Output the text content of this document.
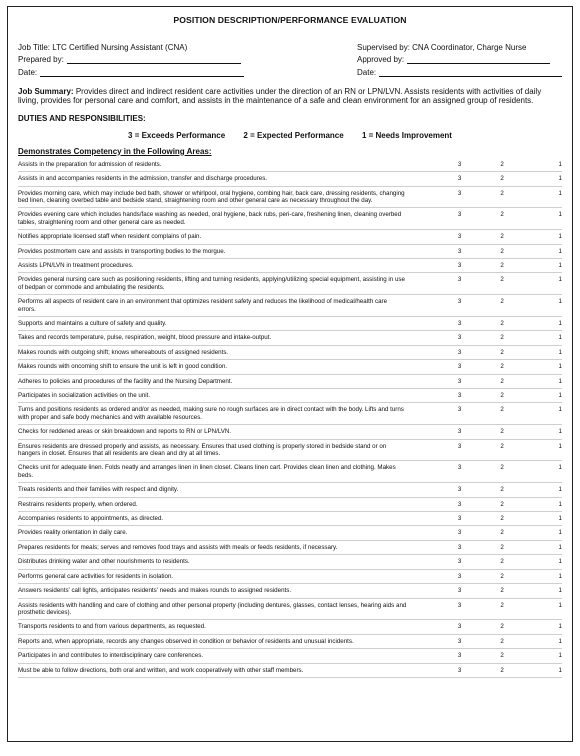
POSITION DESCRIPTION/PERFORMANCE EVALUATION
Job Title:
LTC Certified Nursing Assistant (CNA)
Prepared by:
Date:
Supervised by:
CNA Coordinator, Charge Nurse
Approved by:
Date:
Job Summary: Provides direct and indirect resident care activities under the direction of an RN or LPN/LVN. Assists residents with activities of daily living, provides for personal care and comfort, and assists in the maintenance of a safe and clean environment for an assigned group of residents.
DUTIES AND RESPONSIBILITIES:
3 = Exceeds Performance 2 = Expected Performance 1 = Needs Improvement
Demonstrates Competency in the Following Areas:
Assists in the preparation for admission of residents.	3	2	1
Assists in and accompanies residents in the admission, transfer and discharge procedures.	3	2	1
Provides morning care, which may include bed bath, shower or whirlpool, oral hygiene, combing hair, back care, dressing residents, changing bed linen, cleaning overbed table and bedside stand, straightening room and other general care as necessary throughout the day.
3	2	1
Provides evening care which includes hands/face washing as needed, oral hygiene, back rubs, peri-care, freshening linen, cleaning overbed tables, straightening room and other general care as needed.
3	2	1
Notifies appropriate licensed staff when resident complains of pain.	3	2	1
Provides postmortem care and assists in transporting bodies to the morgue.	3	2	1
Assists LPN/LVN in treatment procedures.	3	2	1
Provides general nursing care such as positioning residents, lifting and turning residents, applying/utilizing special equipment, assisting in use of bedpan or commode and ambulating the residents.
3	2	1
Performs all aspects of resident care in an environment that optimizes resident safety and reduces the likelihood of medical/health care errors.
3	2	1
Supports and maintains a culture of safety and quality.	3	2	1
Takes and records temperature, pulse, respiration, weight, blood pressure and intake-output.	3	2	1
Makes rounds with outgoing shift; knows whereabouts of assigned residents.	3	2	1
Makes rounds with oncoming shift to ensure the unit is left in good condition.	3	2	1
Adheres to policies and procedures of the facility and the Nursing Department.	3	2	1
Participates in socialization activities on the unit.	3	2	1
Turns and positions residents as ordered and/or as needed, making sure no rough surfaces are in direct contact with the body. Lifts and turns with proper and safe body mechanics and with available resources.
3	2	1
Checks for reddened areas or skin breakdown and reports to RN or LPN/LVN.	3	2	1
Ensures residents are dressed properly and assists, as necessary. Ensures that used clothing is properly stored in bedside stand or on hangers in closet. Ensures that all residents are clean and dry at all times.
3	2	1
Checks unit for adequate linen. Folds neatly and arranges linen in linen closet. Cleans linen cart. Provides clean linen and clothing. Makes beds.
3	2	1
Treats residents and their families with respect and dignity.	3	2	1
Restrains residents properly, when ordered.	3	2	1
Accompanies residents to appointments, as directed.	3	2	1
Provides reality orientation in daily care.	3	2	1
Prepares residents for meals; serves and removes food trays and assists with meals or feeds residents, if necessary.	3	2	1
Distributes drinking water and other nourishments to residents.	3	2	1
Performs general care activities for residents in isolation.	3	2	1
Answers residents' call lights, anticipates residents' needs and makes rounds to assigned residents.	3	2	1
Assists residents with handling and care of clothing and other personal property (including dentures, glasses, contact lenses, hearing aids and prosthetic devices).
3	2	1
Transports residents to and from various departments, as requested.	3	2	1
Reports and, when appropriate, records any changes observed in condition or behavior of residents and unusual incidents.	3	2	1
Participates in and contributes to interdisciplinary care conferences.	3	2	1
Must be able to follow directions, both oral and written, and work cooperatively with other staff members.	3	2	1
